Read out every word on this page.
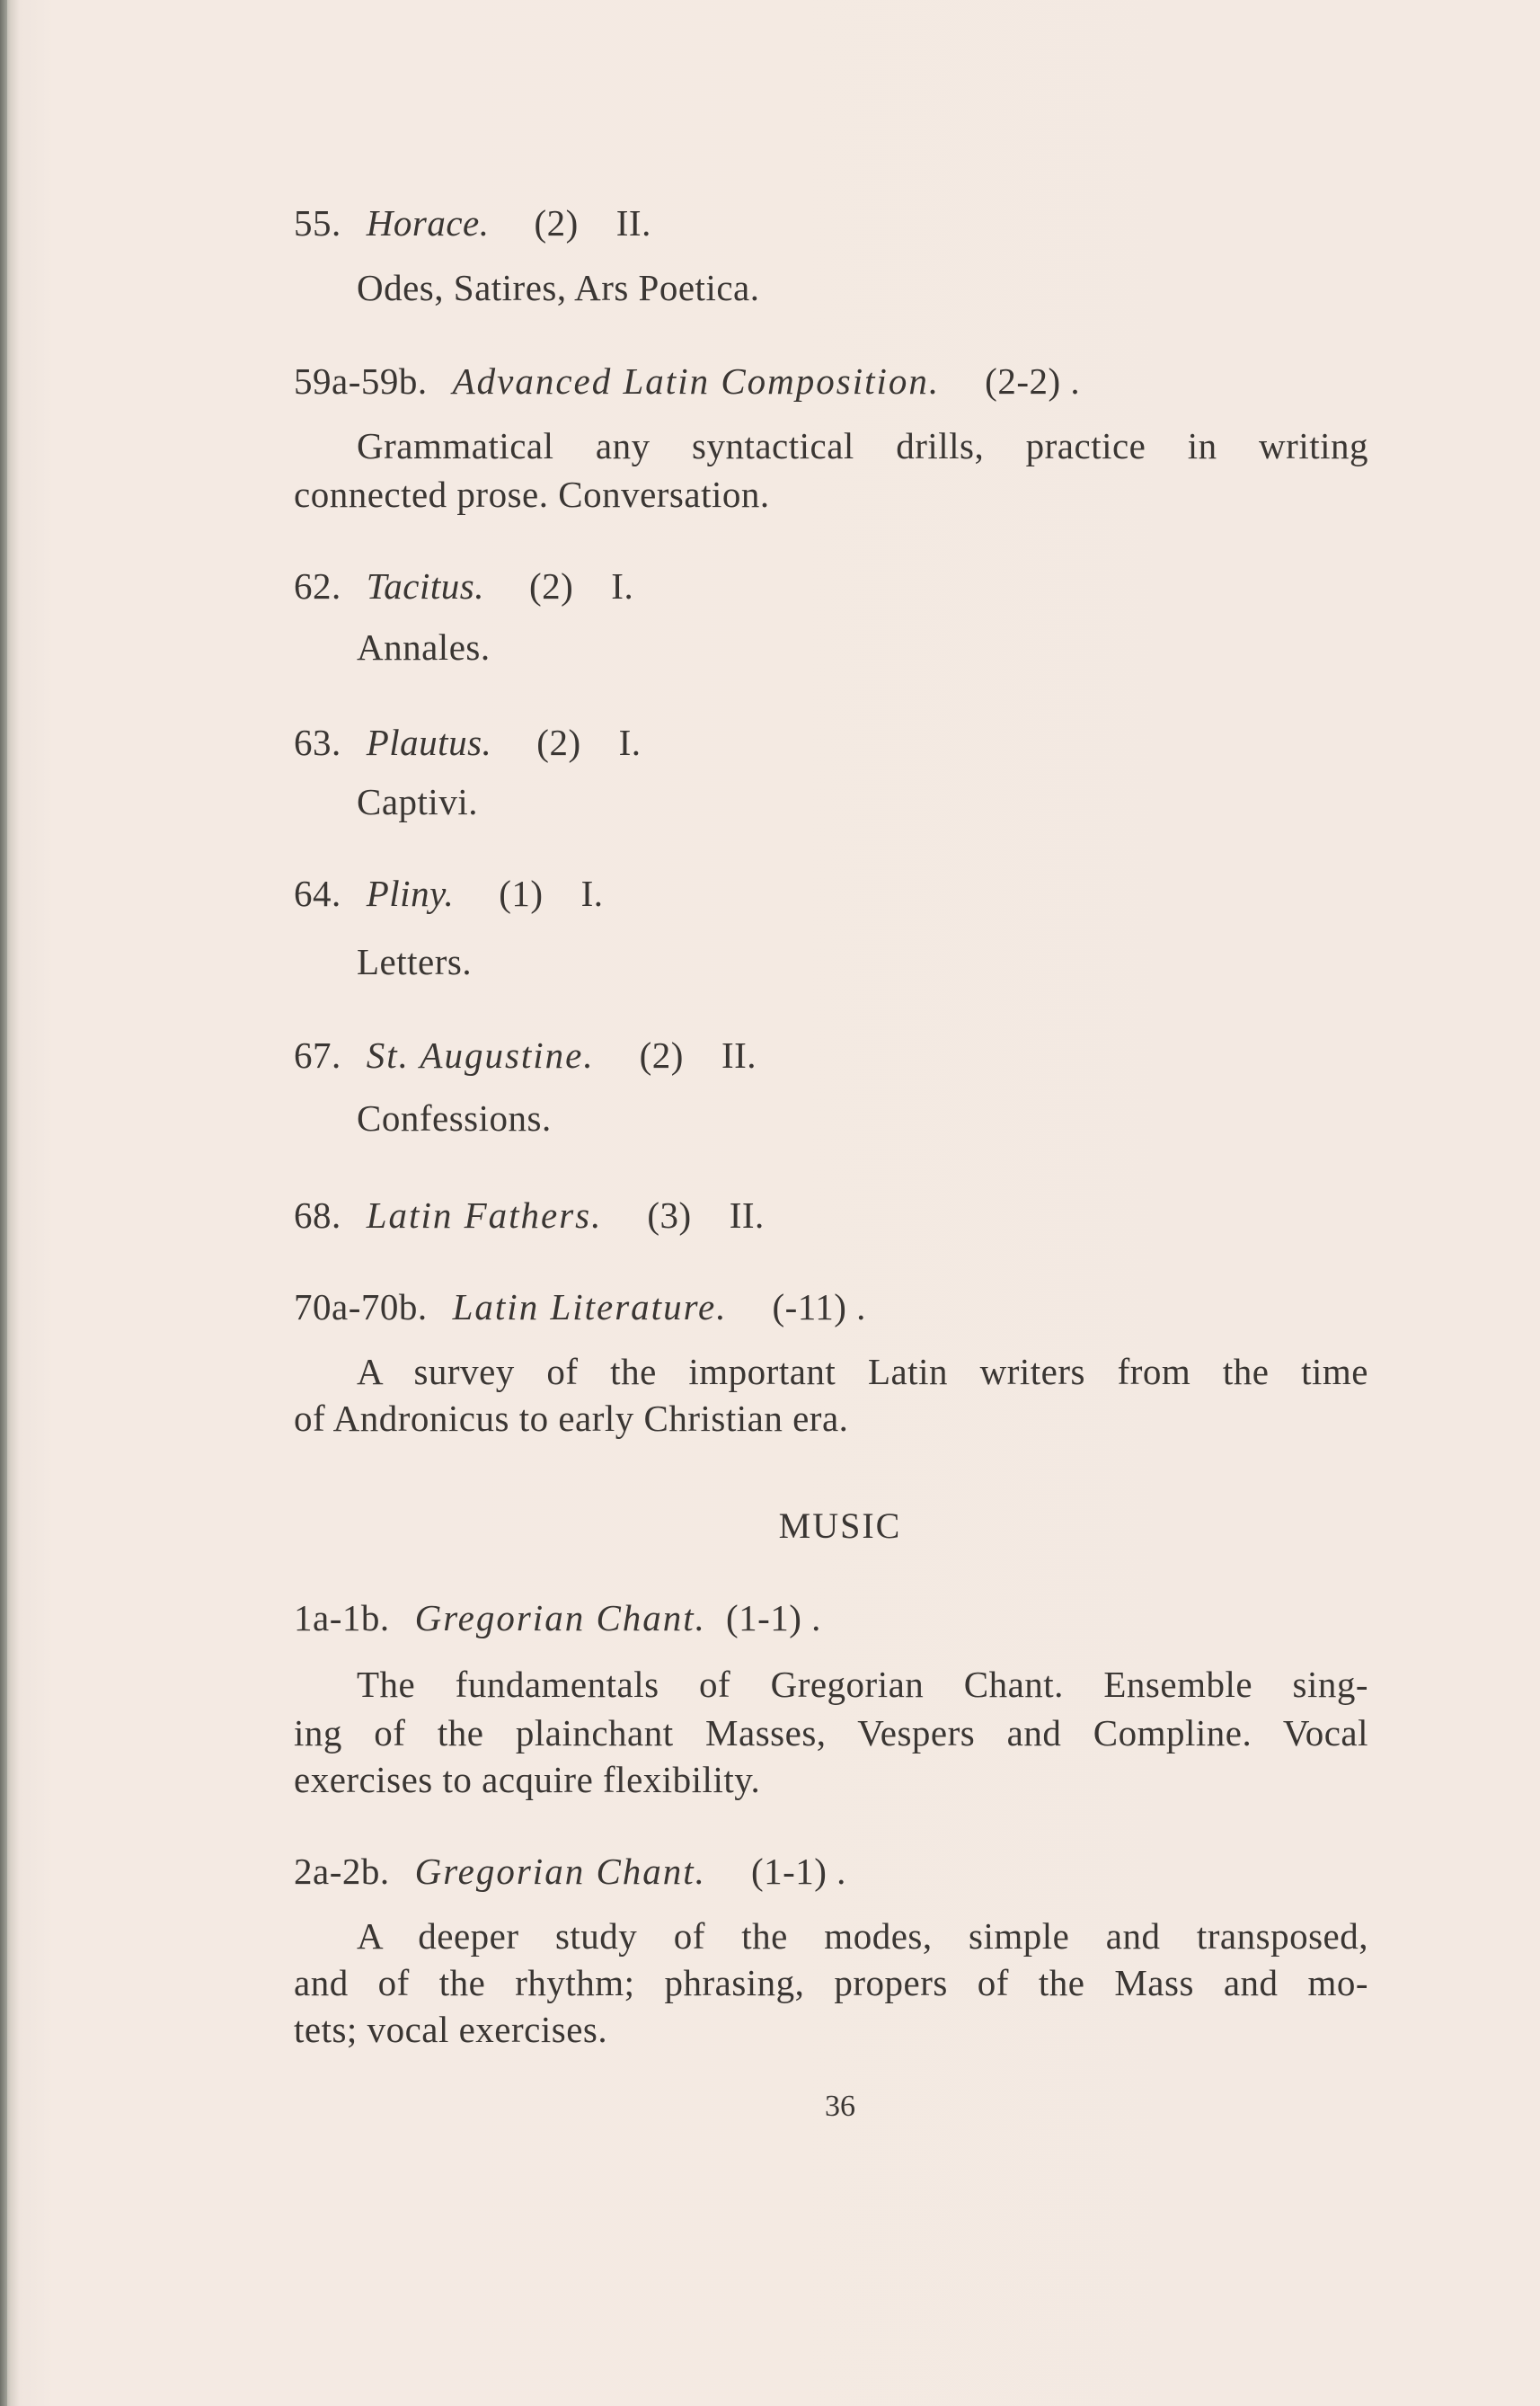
55. Horace. (2) II.
Odes, Satires, Ars Poetica.
59a-59b. Advanced Latin Composition. (2-2) .
Grammatical any syntactical drills, practice in writing
connected prose. Conversation.
62. Tacitus. (2) I.
Annales.
63. Plautus. (2) I.
Captivi.
64. Pliny. (1) I.
Letters.
67. St. Augustine. (2) II.
Confessions.
68. Latin Fathers. (3) II.
70a-70b. Latin Literature. (-11) .
A survey of the important Latin writers from the time
of Andronicus to early Christian era.
MUSIC
1a-1b. Gregorian Chant. (1-1) .
The fundamentals of Gregorian Chant. Ensemble sing-
ing of the plainchant Masses, Vespers and Compline. Vocal
exercises to acquire flexibility.
2a-2b. Gregorian Chant. (1-1) .
A deeper study of the modes, simple and transposed,
and of the rhythm; phrasing, propers of the Mass and mo-
tets; vocal exercises.
36
